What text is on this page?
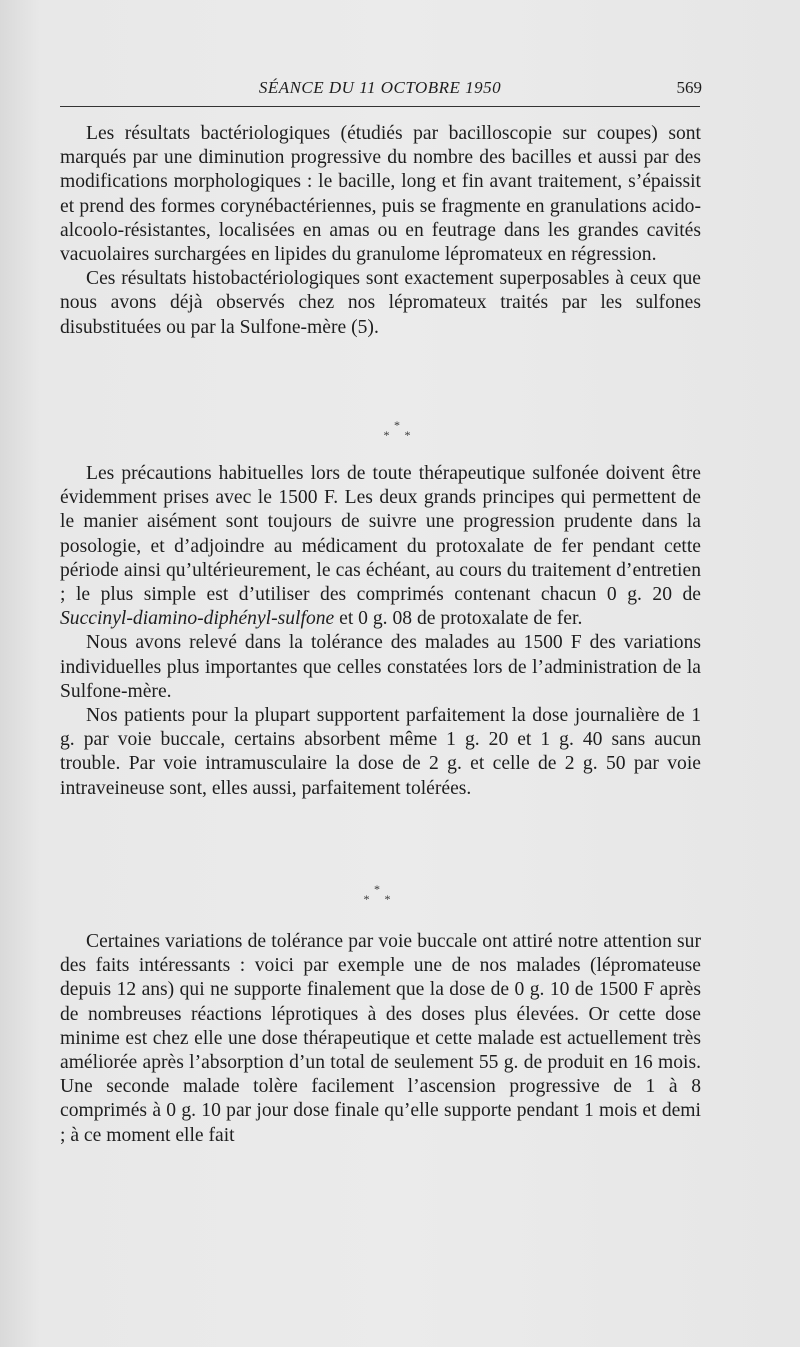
SÉANCE DU 11 OCTOBRE 1950	569

Les résultats bactériologiques (étudiés par bacilloscopie sur coupes) sont marqués par une diminution progressive du nombre des bacilles et aussi par des modifications morphologiques : le bacille, long et fin avant traitement, s’épaissit et prend des formes corynébactériennes, puis se fragmente en granulations acido-alcoolo-résistantes, localisées en amas ou en feutrage dans les grandes cavités vacuolaires surchargées en lipides du granulome lépromateux en régression.

Ces résultats histobactériologiques sont exactement superposables à ceux que nous avons déjà observés chez nos lépromateux traités par les sulfones disubstituées ou par la Sulfone-mère (5).

*
* *

Les précautions habituelles lors de toute thérapeutique sulfonée doivent être évidemment prises avec le 1500 F. Les deux grands principes qui permettent de le manier aisément sont toujours de suivre une progression prudente dans la posologie, et d’adjoindre au médicament du protoxalate de fer pendant cette période ainsi qu’ultérieurement, le cas échéant, au cours du traitement d’entretien ; le plus simple est d’utiliser des comprimés contenant chacun 0 g. 20 de Succinyl-diamino-diphényl-sulfone et 0 g. 08 de protoxalate de fer.

Nous avons relevé dans la tolérance des malades au 1500 F des variations individuelles plus importantes que celles constatées lors de l’administration de la Sulfone-mère.

Nos patients pour la plupart supportent parfaitement la dose journalière de 1 g. par voie buccale, certains absorbent même 1 g. 20 et 1 g. 40 sans aucun trouble. Par voie intramusculaire la dose de 2 g. et celle de 2 g. 50 par voie intraveineuse sont, elles aussi, parfaitement tolérées.

*
* *

Certaines variations de tolérance par voie buccale ont attiré notre attention sur des faits intéressants : voici par exemple une de nos malades (lépromateuse depuis 12 ans) qui ne supporte finalement que la dose de 0 g. 10 de 1500 F après de nombreuses réactions léprotiques à des doses plus élevées. Or cette dose minime est chez elle une dose thérapeutique et cette malade est actuellement très améliorée après l’absorption d’un total de seulement 55 g. de produit en 16 mois. Une seconde malade tolère facilement l’ascension progressive de 1 à 8 comprimés à 0 g. 10 par jour dose finale qu’elle supporte pendant 1 mois et demi ; à ce moment elle fait
